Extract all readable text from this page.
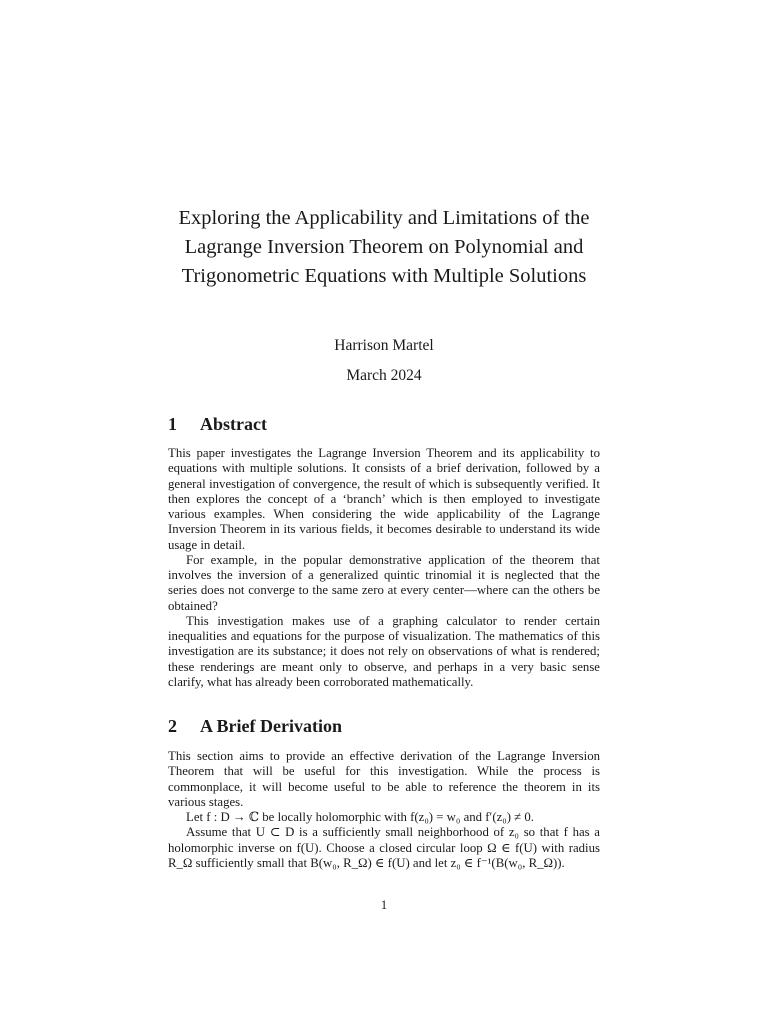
Exploring the Applicability and Limitations of the Lagrange Inversion Theorem on Polynomial and Trigonometric Equations with Multiple Solutions
Harrison Martel
March 2024
1 Abstract

This paper investigates the Lagrange Inversion Theorem and its applicability to equations with multiple solutions. It consists of a brief derivation, followed by a general investigation of convergence, the result of which is subsequently verified. It then explores the concept of a ‘branch’ which is then employed to investigate various examples. When considering the wide applicability of the Lagrange Inversion Theorem in its various fields, it becomes desirable to understand its wide usage in detail.

For example, in the popular demonstrative application of the theorem that involves the inversion of a generalized quintic trinomial it is neglected that the series does not converge to the same zero at every center—where can the others be obtained?

This investigation makes use of a graphing calculator to render certain inequalities and equations for the purpose of visualization. The mathematics of this investigation are its substance; it does not rely on observations of what is rendered; these renderings are meant only to observe, and perhaps in a very basic sense clarify, what has already been corroborated mathematically.

2 A Brief Derivation

This section aims to provide an effective derivation of the Lagrange Inversion Theorem that will be useful for this investigation. While the process is commonplace, it will become useful to be able to reference the theorem in its various stages.

Let f : D → ℂ be locally holomorphic with f(z₀) = w₀ and f′(z₀) ≠ 0.

Assume that U ⊂ D is a sufficiently small neighborhood of z₀ so that f has a holomorphic inverse on f(U). Choose a closed circular loop Ω ∈ f(U) with radius R_Ω sufficiently small that B(w₀, R_Ω) ∈ f(U) and let z₀ ∈ f⁻¹(B(w₀, R_Ω)).

1
